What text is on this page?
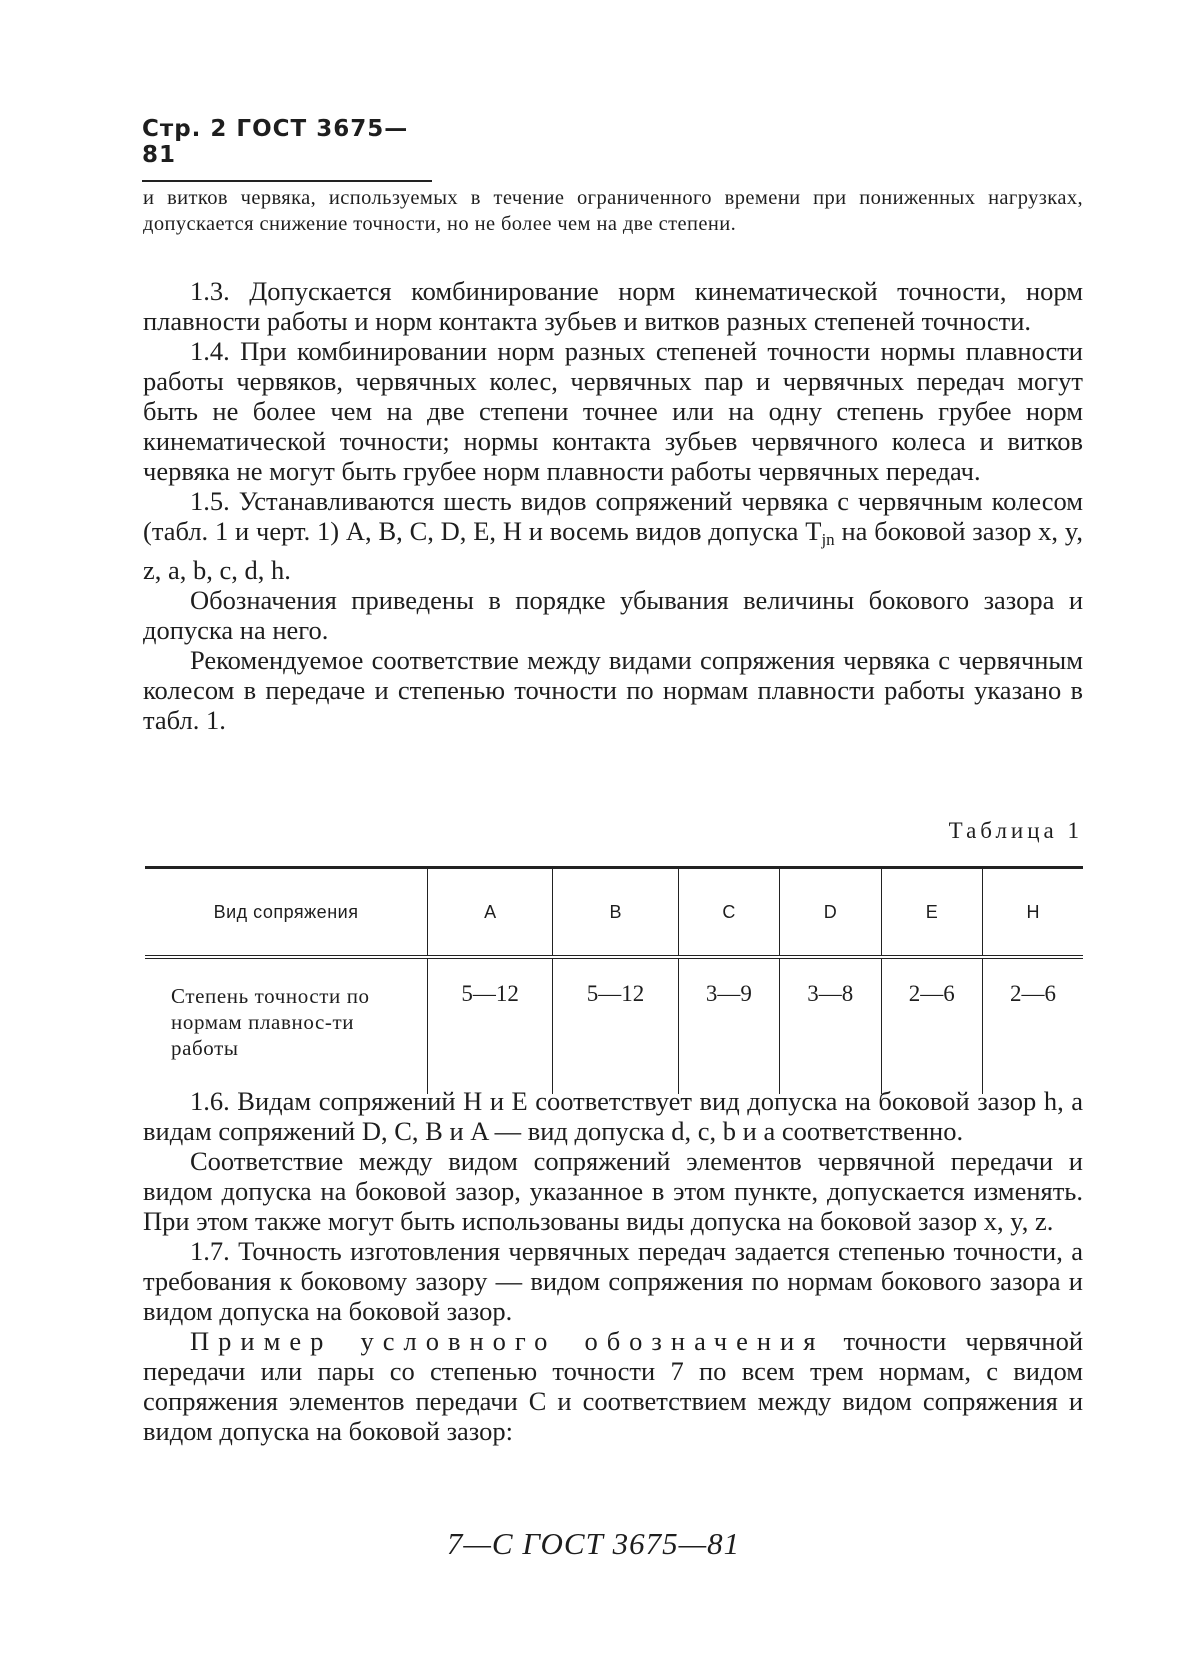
Стр. 2 ГОСТ 3675—81
и витков червяка, используемых в течение ограниченного времени при пониженных нагрузках, допускается снижение точности, но не более чем на две степени.
1.3. Допускается комбинирование норм кинематической точности, норм плавности работы и норм контакта зубьев и витков разных степеней точности.
1.4. При комбинировании норм разных степеней точности нормы плавности работы червяков, червячных колес, червячных пар и червячных передач могут быть не более чем на две степени точнее или на одну степень грубее норм кинематической точности; нормы контакта зубьев червячного колеса и витков червяка не могут быть грубее норм плавности работы червячных передач.
1.5. Устанавливаются шесть видов сопряжений червяка с червячным колесом (табл. 1 и черт. 1) A, B, C, D, E, H и восемь видов допуска $T_{jn}$ на боковой зазор x, y, z, a, b, c, d, h.
Обозначения приведены в порядке убывания величины бокового зазора и допуска на него.
Рекомендуемое соответствие между видами сопряжения червяка с червячным колесом в передаче и степенью точности по нормам плавности работы указано в табл. 1.
Таблица 1
Вид сопряжения	A	B	C	D	E	H
Степень точности по нормам плавнос-ти работы	5—12	5—12	3—9	3—8	2—6	2—6
1.6. Видам сопряжений H и E соответствует вид допуска на боковой зазор h, а видам сопряжений D, C, B и A — вид допуска d, c, b и a соответственно.
Соответствие между видом сопряжений элементов червячной передачи и видом допуска на боковой зазор, указанное в этом пункте, допускается изменять. При этом также могут быть использованы виды допуска на боковой зазор x, y, z.
1.7. Точность изготовления червячных передач задается степенью точности, а требования к боковому зазору — видом сопряжения по нормам бокового зазора и видом допуска на боковой зазор.
Пример условного обозначения точности червячной передачи или пары со степенью точности 7 по всем трем нормам, с видом сопряжения элементов передачи C и соответствием между видом сопряжения и видом допуска на боковой зазор:
7—С ГОСТ 3675—81
